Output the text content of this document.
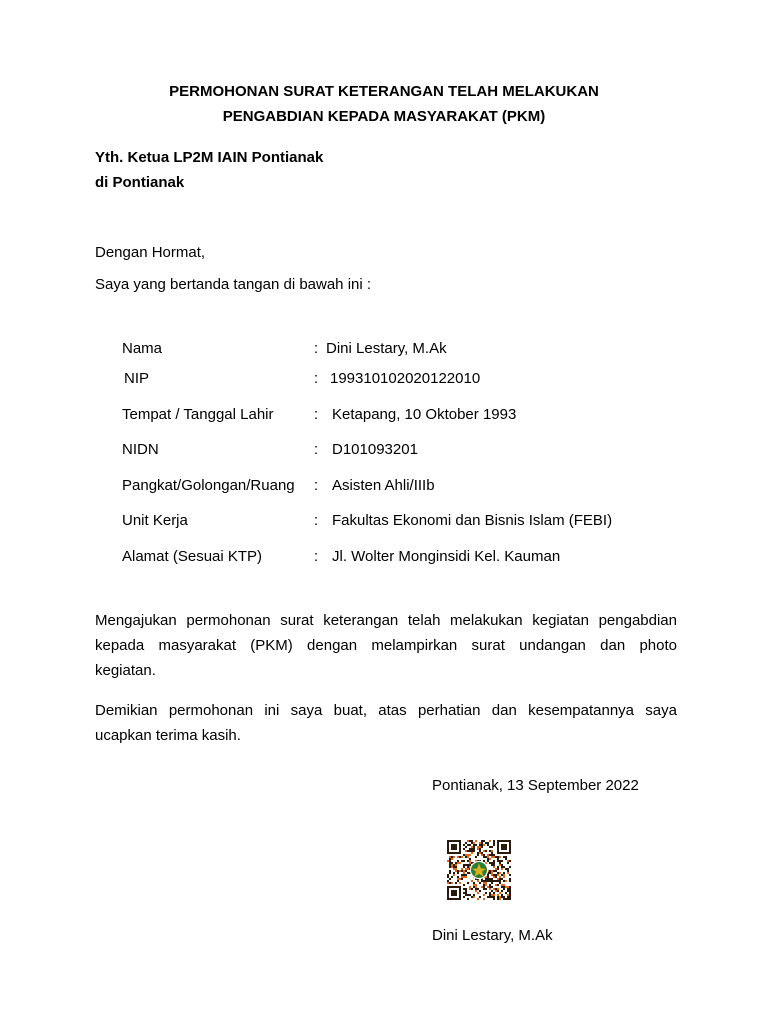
PERMOHONAN SURAT KETERANGAN TELAH MELAKUKAN
PENGABDIAN KEPADA MASYARAKAT (PKM)
Yth. Ketua LP2M IAIN Pontianak
di Pontianak
Dengan Hormat,
Saya yang bertanda tangan di bawah ini :
Nama	: Dini Lestary, M.Ak
NIP	: 199310102020122010
Tempat / Tanggal Lahir	: Ketapang, 10 Oktober 1993
NIDN	: D101093201
Pangkat/Golongan/Ruang : Asisten Ahli/IIIb
Unit Kerja	: Fakultas Ekonomi dan Bisnis Islam (FEBI)
Alamat (Sesuai KTP)	: Jl. Wolter Monginsidi Kel. Kauman
Mengajukan permohonan surat keterangan telah melakukan kegiatan pengabdian
kepada masyarakat (PKM) dengan melampirkan surat undangan dan photo
kegiatan.
Demikian permohonan ini saya buat, atas perhatian dan kesempatannya saya
ucapkan terima kasih.
Pontianak, 13 September 2022
Dini Lestary, M.Ak
